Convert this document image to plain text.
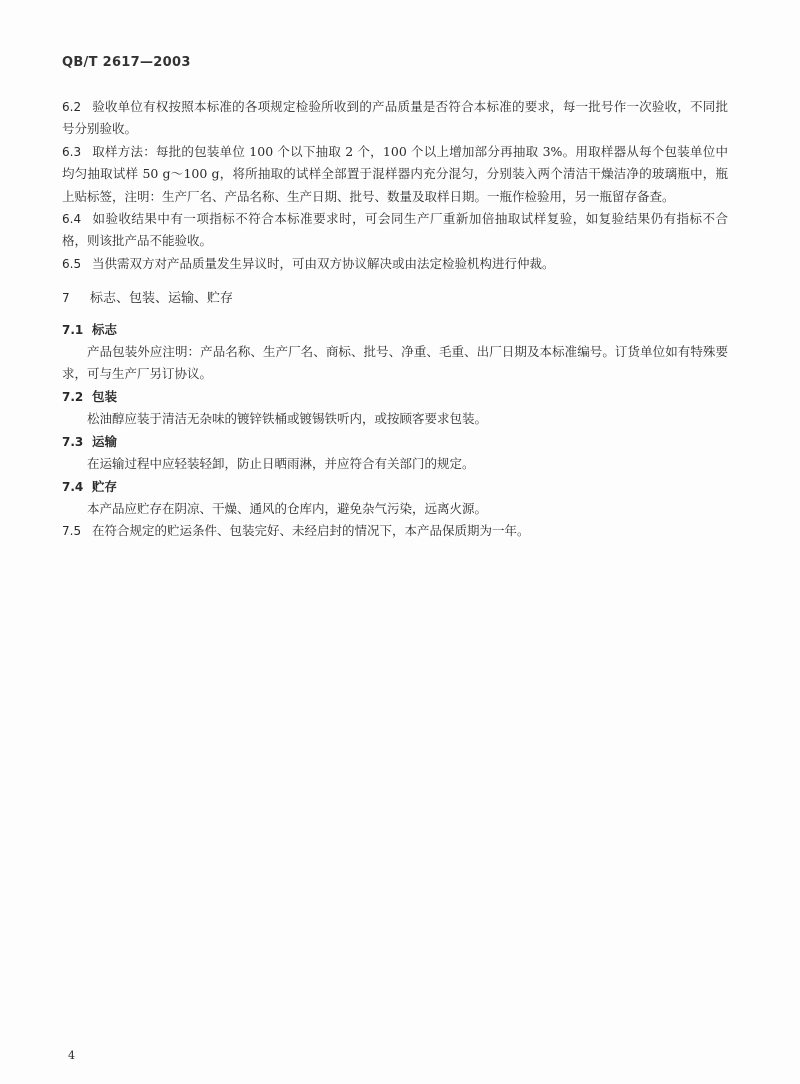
QB/T 2617—2003

6.2 验收单位有权按照本标准的各项规定检验所收到的产品质量是否符合本标准的要求，每一批号作一次验收，不同批号分别验收。

6.3 取样方法：每批的包装单位 100 个以下抽取 2 个，100 个以上增加部分再抽取 3%。用取样器从每个包装单位中均匀抽取试样 50 g～100 g，将所抽取的试样全部置于混样器内充分混匀，分别装入两个清洁干燥洁净的玻璃瓶中，瓶上贴标签，注明：生产厂名、产品名称、生产日期、批号、数量及取样日期。一瓶作检验用，另一瓶留存备查。

6.4 如验收结果中有一项指标不符合本标准要求时，可会同生产厂重新加倍抽取试样复验，如复验结果仍有指标不合格，则该批产品不能验收。

6.5 当供需双方对产品质量发生异议时，可由双方协议解决或由法定检验机构进行仲裁。

7 标志、包装、运输、贮存

7.1 标志

产品包装外应注明：产品名称、生产厂名、商标、批号、净重、毛重、出厂日期及本标准编号。订货单位如有特殊要求，可与生产厂另订协议。

7.2 包装

松油醇应装于清洁无杂味的镀锌铁桶或镀锡铁听内，或按顾客要求包装。

7.3 运输

在运输过程中应轻装轻卸，防止日晒雨淋，并应符合有关部门的规定。

7.4 贮存

本产品应贮存在阴凉、干燥、通风的仓库内，避免杂气污染，远离火源。

7.5 在符合规定的贮运条件、包装完好、未经启封的情况下，本产品保质期为一年。

4
